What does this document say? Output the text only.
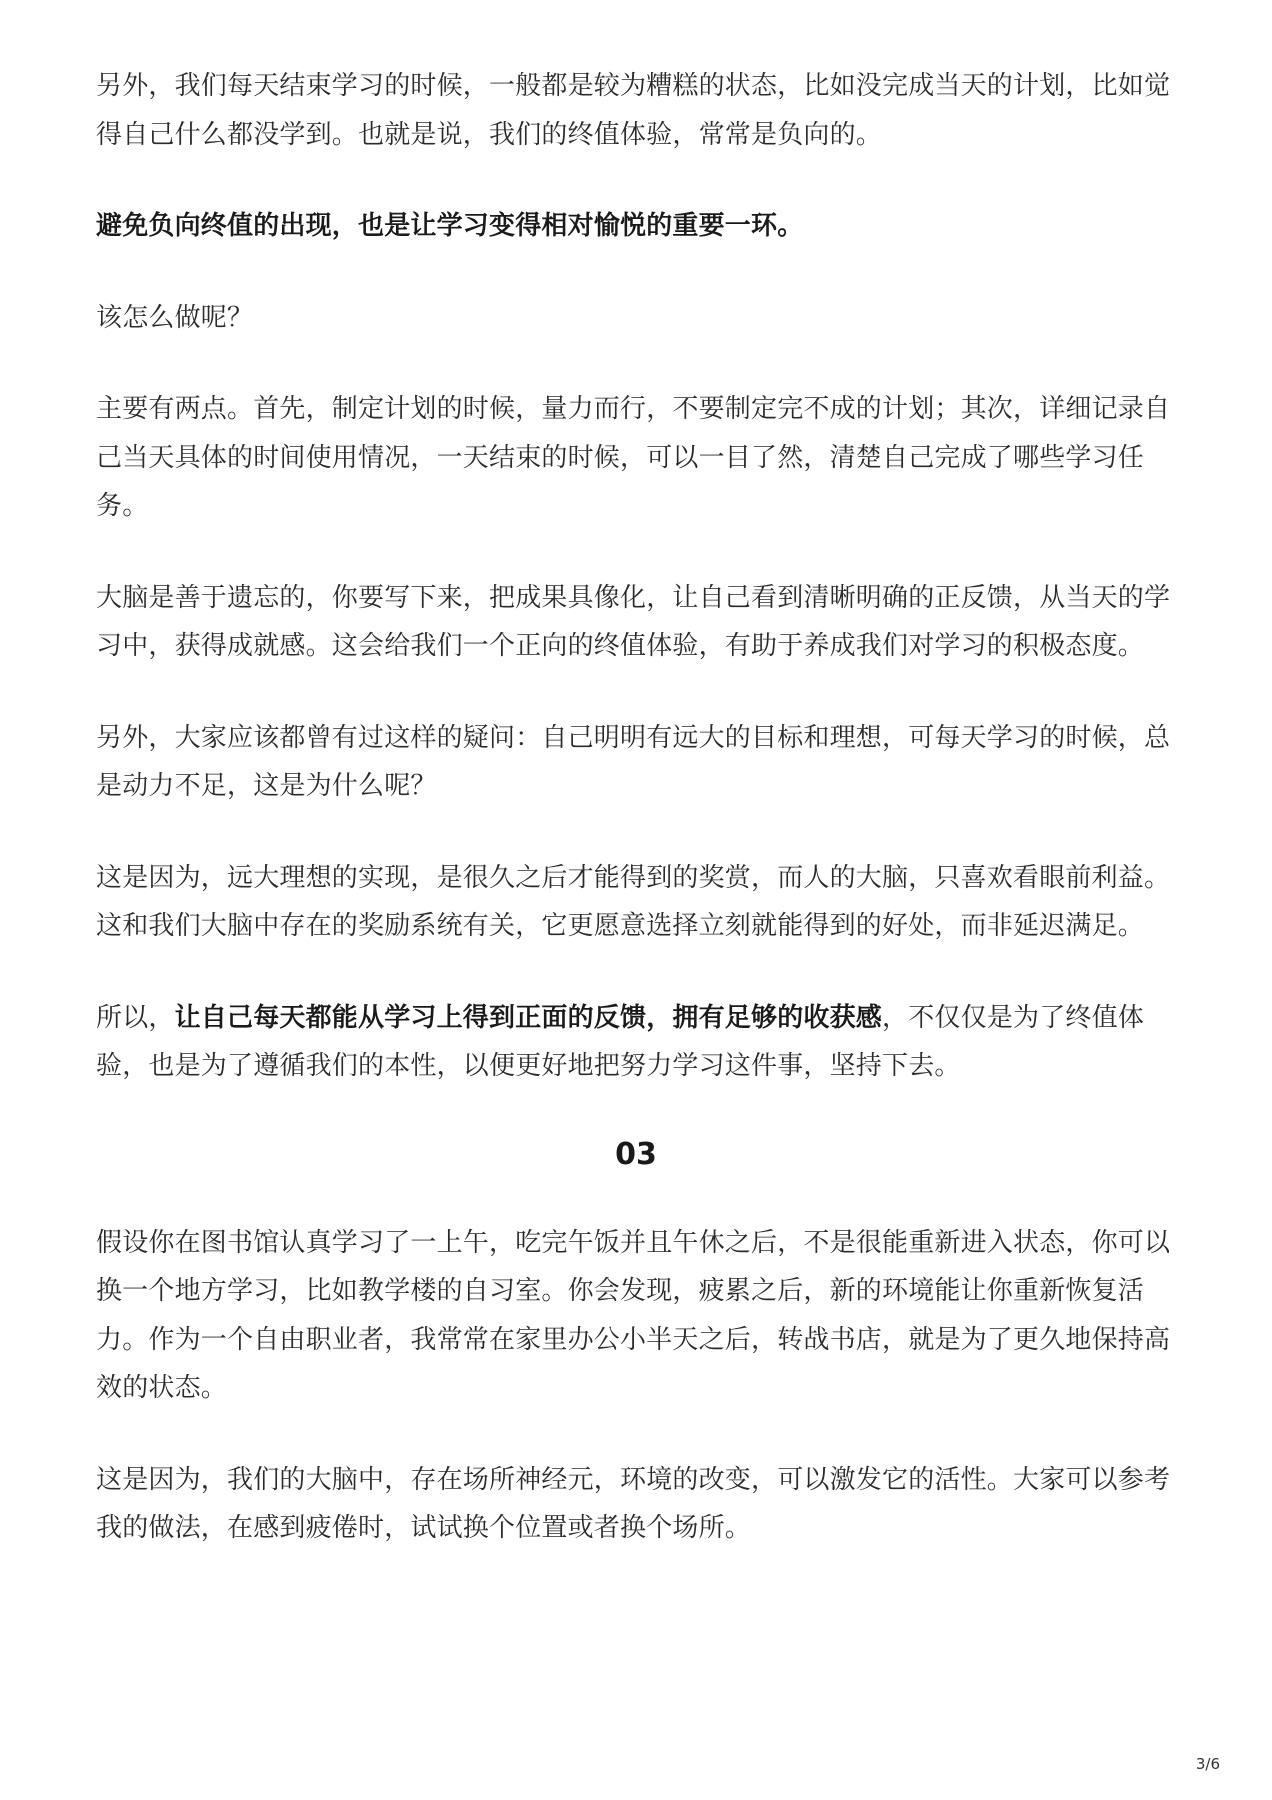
另外，我们每天结束学习的时候，一般都是较为糟糕的状态，比如没完成当天的计划，比如觉得自己什么都没学到。也就是说，我们的终值体验，常常是负向的。

避免负向终值的出现，也是让学习变得相对愉悦的重要一环。

该怎么做呢？

主要有两点。首先，制定计划的时候，量力而行，不要制定完不成的计划；其次，详细记录自己当天具体的时间使用情况，一天结束的时候，可以一目了然，清楚自己完成了哪些学习任务。

大脑是善于遗忘的，你要写下来，把成果具像化，让自己看到清晰明确的正反馈，从当天的学习中，获得成就感。这会给我们一个正向的终值体验，有助于养成我们对学习的积极态度。

另外，大家应该都曾有过这样的疑问：自己明明有远大的目标和理想，可每天学习的时候，总是动力不足，这是为什么呢？

这是因为，远大理想的实现，是很久之后才能得到的奖赏，而人的大脑，只喜欢看眼前利益。这和我们大脑中存在的奖励系统有关，它更愿意选择立刻就能得到的好处，而非延迟满足。

所以，让自己每天都能从学习上得到正面的反馈，拥有足够的收获感，不仅仅是为了终值体验，也是为了遵循我们的本性，以便更好地把努力学习这件事，坚持下去。

03

假设你在图书馆认真学习了一上午，吃完午饭并且午休之后，不是很能重新进入状态，你可以换一个地方学习，比如教学楼的自习室。你会发现，疲累之后，新的环境能让你重新恢复活力。作为一个自由职业者，我常常在家里办公小半天之后，转战书店，就是为了更久地保持高效的状态。

这是因为，我们的大脑中，存在场所神经元，环境的改变，可以激发它的活性。大家可以参考我的做法，在感到疲倦时，试试换个位置或者换个场所。

3/6
